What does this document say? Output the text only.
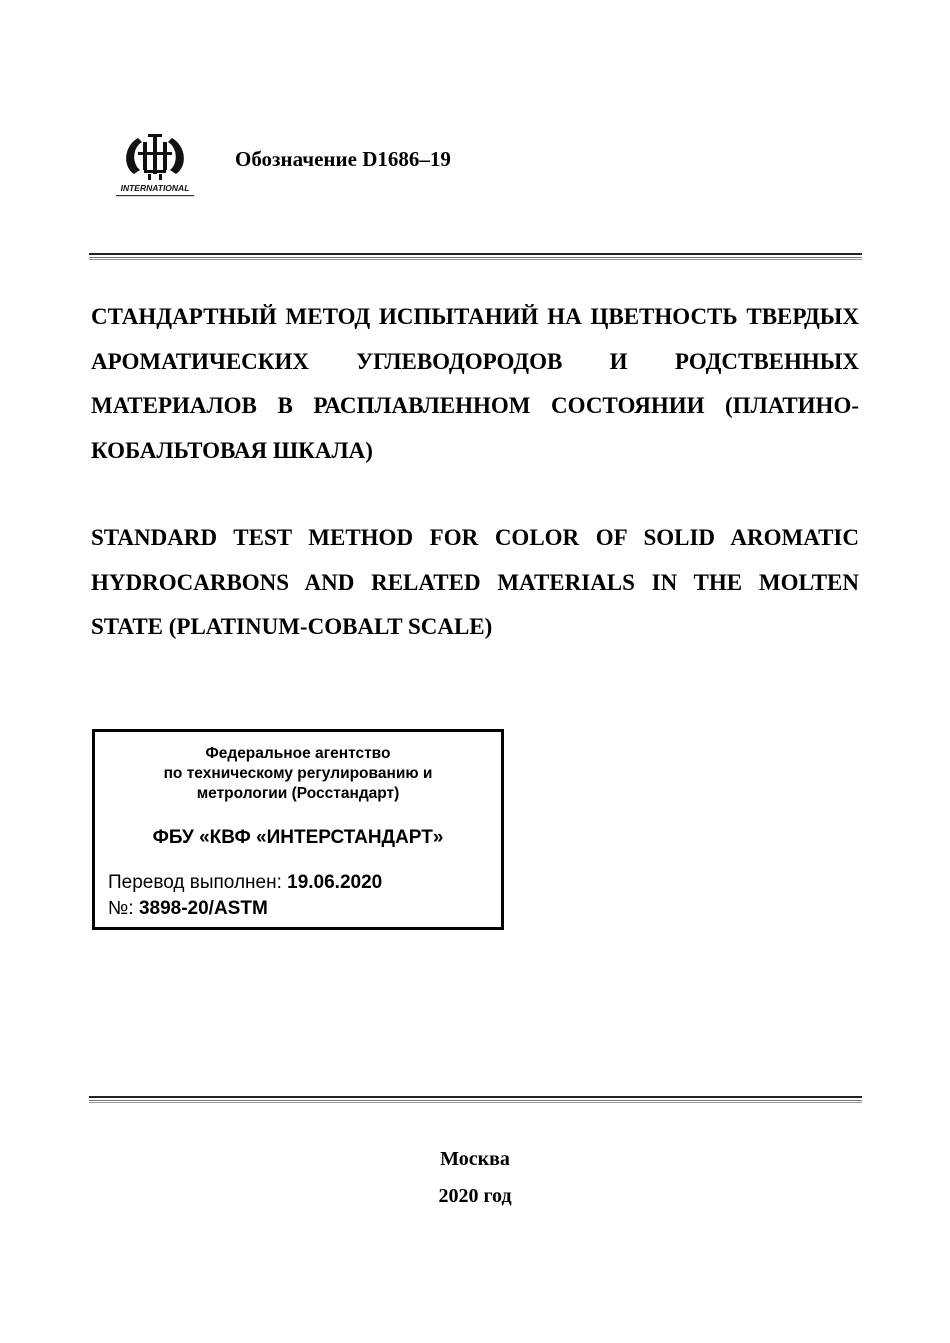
INTERNATIONAL
Обозначение D1686–19
СТАНДАРТНЫЙ МЕТОД ИСПЫТАНИЙ НА ЦВЕТНОСТЬ ТВЕРДЫХ АРОМАТИЧЕСКИХ УГЛЕВОДОРОДОВ И РОДСТВЕННЫХ МАТЕРИАЛОВ В РАСПЛАВЛЕННОМ СОСТОЯНИИ (ПЛАТИНО-КОБАЛЬТОВАЯ ШКАЛА)
STANDARD TEST METHOD FOR COLOR OF SOLID AROMATIC HYDROCARBONS AND RELATED MATERIALS IN THE MOLTEN STATE (PLATINUM-COBALT SCALE)
Федеральное агентство
по техническому регулированию и
метрологии (Росстандарт)
ФБУ «КВФ «ИНТЕРСТАНДАРТ»
Перевод выполнен: 19.06.2020
№: 3898-20/ASTM
Москва
2020 год
